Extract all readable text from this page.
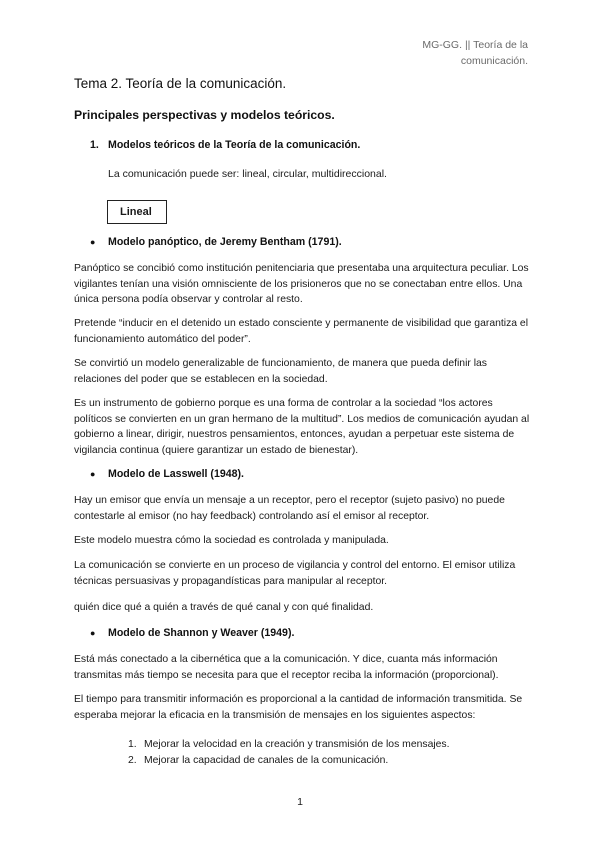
MG-GG. || Teoría de la comunicación.
Tema 2. Teoría de la comunicación.
Principales perspectivas y modelos teóricos.
1. Modelos teóricos de la Teoría de la comunicación.
La comunicación puede ser: lineal, circular, multidireccional.
Lineal
● Modelo panóptico, de Jeremy Bentham (1791).
Panóptico se concibió como institución penitenciaria que presentaba una arquitectura peculiar. Los vigilantes tenían una visión omnisciente de los prisioneros que no se conectaban entre ellos. Una única persona podía observar y controlar al resto.
Pretende “inducir en el detenido un estado consciente y permanente de visibilidad que garantiza el funcionamiento automático del poder”.
Se convirtió un modelo generalizable de funcionamiento, de manera que pueda definir las relaciones del poder que se establecen en la sociedad.
Es un instrumento de gobierno porque es una forma de controlar a la sociedad “los actores políticos se convierten en un gran hermano de la multitud”. Los medios de comunicación ayudan al gobierno a linear, dirigir, nuestros pensamientos, entonces, ayudan a perpetuar este sistema de vigilancia continua (quiere garantizar un estado de bienestar).
● Modelo de Lasswell (1948).
Hay un emisor que envía un mensaje a un receptor, pero el receptor (sujeto pasivo) no puede contestarle al emisor (no hay feedback) controlando así el emisor al receptor.
Este modelo muestra cómo la sociedad es controlada y manipulada.
La comunicación se convierte en un proceso de vigilancia y control del entorno. El emisor utiliza técnicas persuasivas y propagandísticas para manipular al receptor.
quién dice qué a quién a través de qué canal y con qué finalidad.
● Modelo de Shannon y Weaver (1949).
Está más conectado a la cibernética que a la comunicación. Y dice, cuanta más información transmitas más tiempo se necesita para que el receptor reciba la información (proporcional).
El tiempo para transmitir información es proporcional a la cantidad de información transmitida. Se esperaba mejorar la eficacia en la transmisión de mensajes en los siguientes aspectos:
1. Mejorar la velocidad en la creación y transmisión de los mensajes.
2. Mejorar la capacidad de canales de la comunicación.
1
